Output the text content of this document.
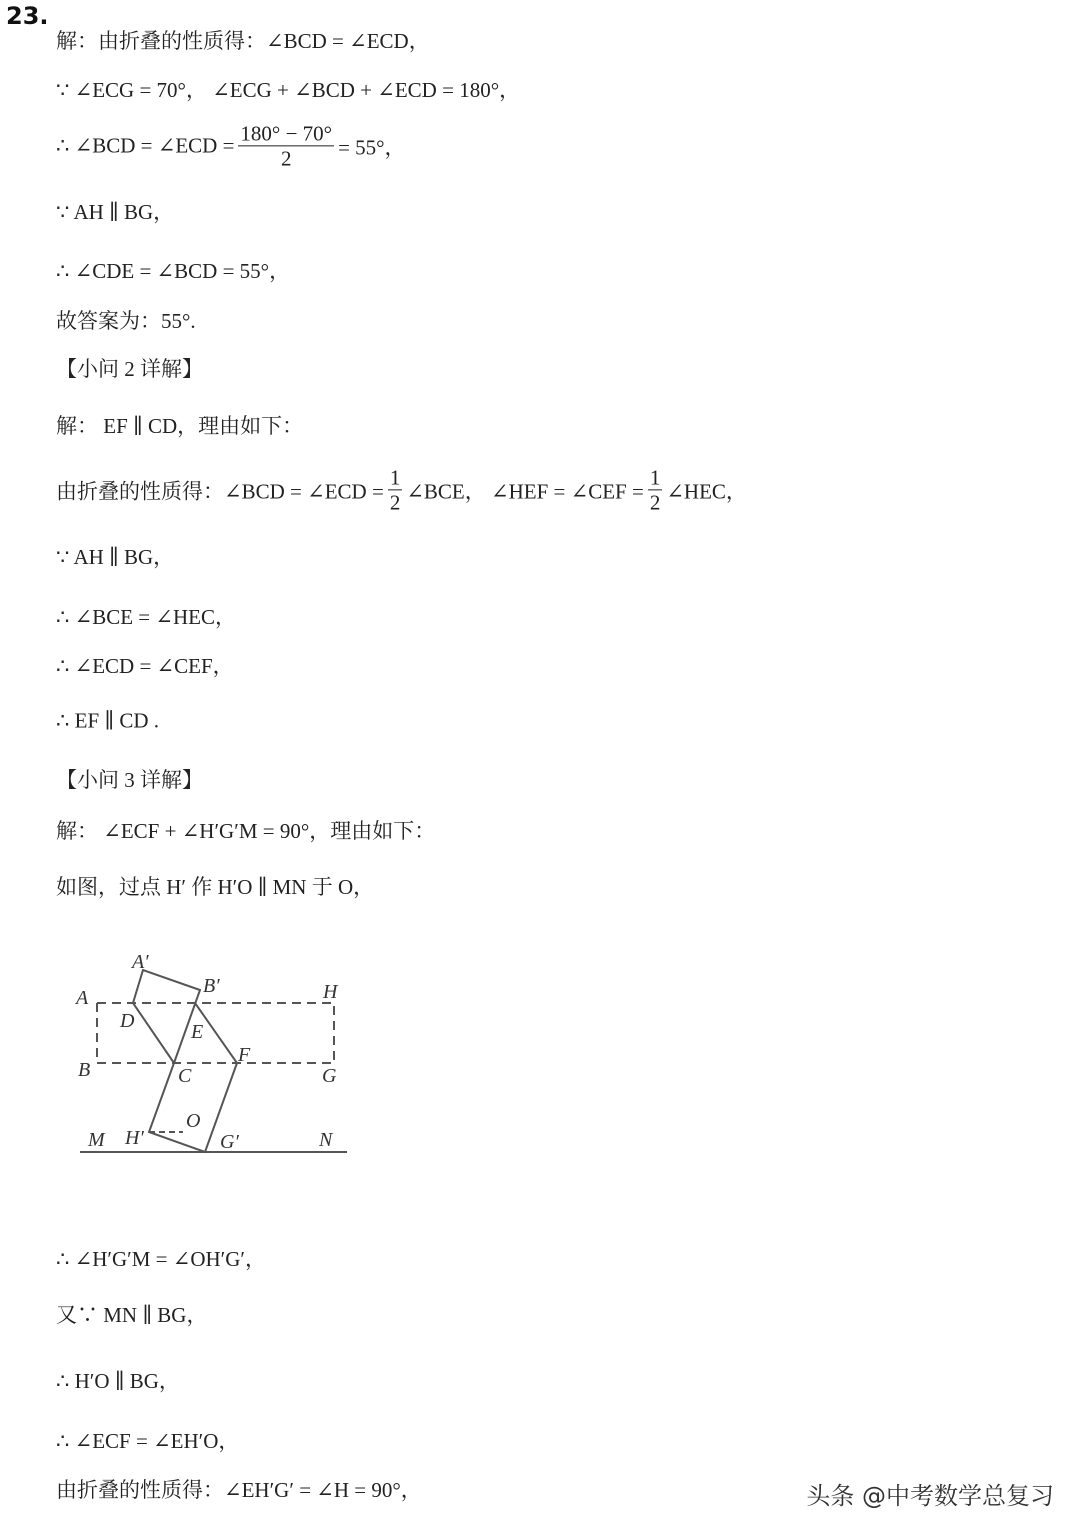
23.
解：由折叠的性质得：∠BCD = ∠ECD，
∵ ∠ECG = 70°， ∠ECG + ∠BCD + ∠ECD = 180°，
∴ ∠BCD = ∠ECD = $\frac{180^\circ - 70^\circ}{2} = 55^\circ$，
∵ AH ∥ BG，
∴ ∠CDE = ∠BCD = 55°，
故答案为：55°.
【小问 2 详解】
解： EF ∥ CD，理由如下：
由折叠的性质得：∠BCD = ∠ECD = $\frac{1}{2}$ ∠BCE， ∠HEF = ∠CEF = $\frac{1}{2}$ ∠HEC，
∵ AH ∥ BG，
∴ ∠BCE = ∠HEC，
∴ ∠ECD = ∠CEF，
∴ EF ∥ CD .
【小问 3 详解】
解： ∠ECF + ∠H′G′M = 90°，理由如下：
如图，过点 H′ 作 H′O ∥ MN 于 O，
∴ ∠H′G′M = ∠OH′G′，
又∵ MN ∥ BG，
∴ H′O ∥ BG，
∴ ∠ECF = ∠EH′O，
由折叠的性质得：∠EH′G′ = ∠H = 90°，
A′
B′
A	H
D	E
B	C
F
G
O
M H′	G′	N
头条 @中考数学总复习
